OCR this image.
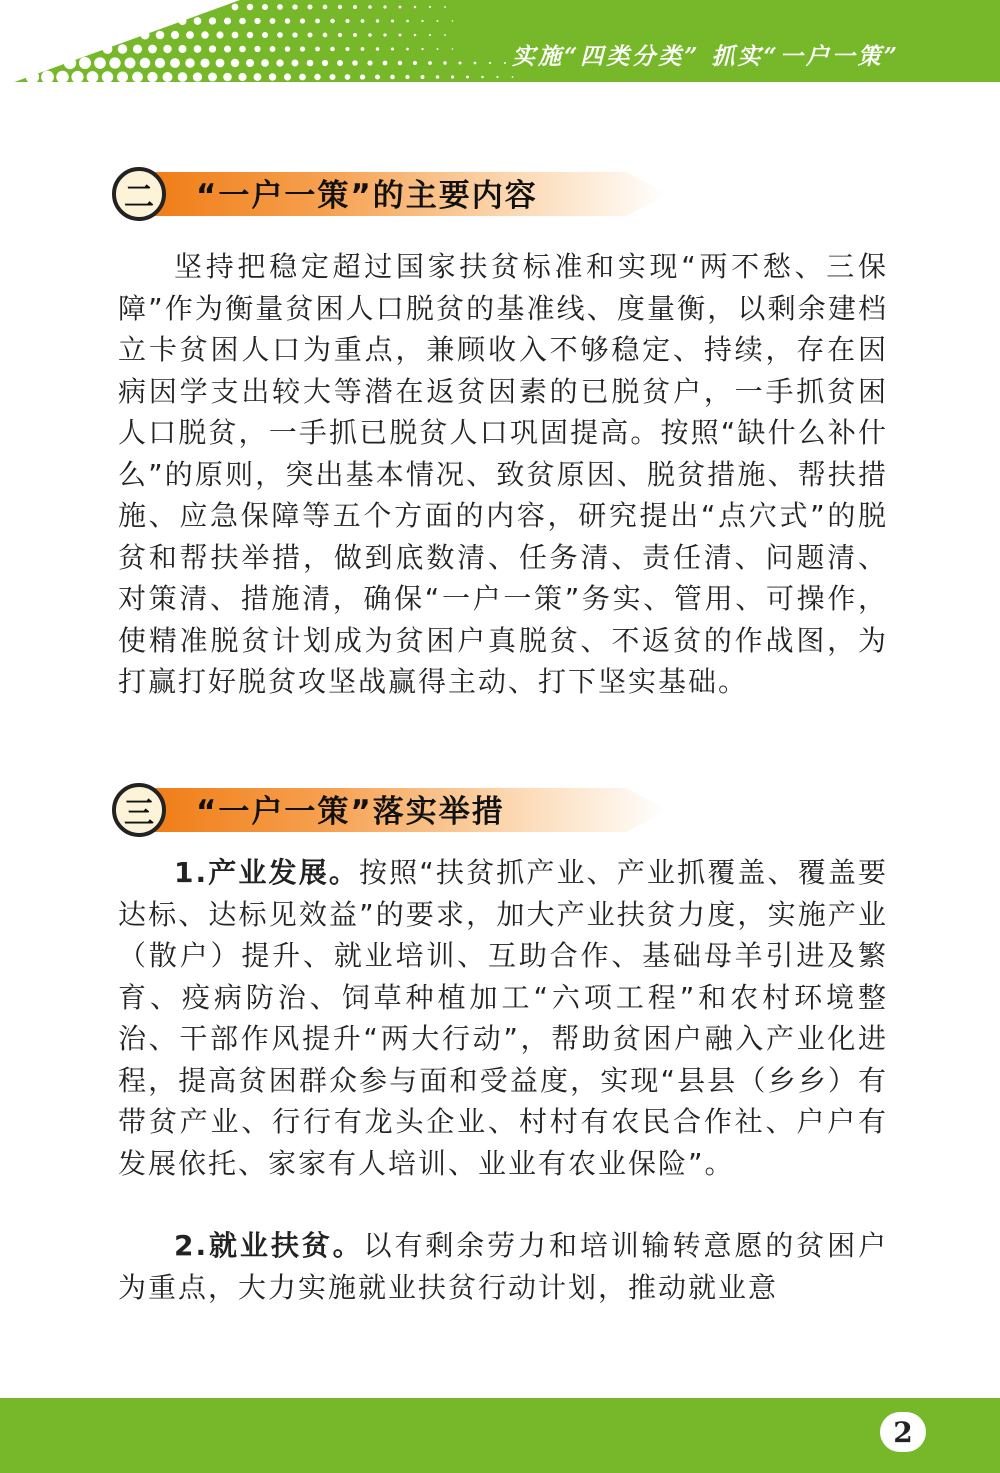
实施“四类分类” 抓实“一户一策”
二	“一户一策”的主要内容

坚持把稳定超过国家扶贫标准和实现“两不愁、三保障”作为衡量贫困人口脱贫的基准线、度量衡，以剩余建档立卡贫困人口为重点，兼顾收入不够稳定、持续，存在因病因学支出较大等潜在返贫因素的已脱贫户，一手抓贫困人口脱贫，一手抓已脱贫人口巩固提高。按照“缺什么补什么”的原则，突出基本情况、致贫原因、脱贫措施、帮扶措施、应急保障等五个方面的内容，研究提出“点穴式”的脱贫和帮扶举措，做到底数清、任务清、责任清、问题清、对策清、措施清，确保“一户一策”务实、管用、可操作，使精准脱贫计划成为贫困户真脱贫、不返贫的作战图，为打赢打好脱贫攻坚战赢得主动、打下坚实基础。

三	“一户一策”落实举措

1.产业发展。按照“扶贫抓产业、产业抓覆盖、覆盖要达标、达标见效益”的要求，加大产业扶贫力度，实施产业（散户）提升、就业培训、互助合作、基础母羊引进及繁育、疫病防治、饲草种植加工“六项工程”和农村环境整治、干部作风提升“两大行动”，帮助贫困户融入产业化进程，提高贫困群众参与面和受益度，实现“县县（乡乡）有带贫产业、行行有龙头企业、村村有农民合作社、户户有发展依托、家家有人培训、业业有农业保险”。

2.就业扶贫。以有剩余劳力和培训输转意愿的贫困户为重点，大力实施就业扶贫行动计划，推动就业意

2
